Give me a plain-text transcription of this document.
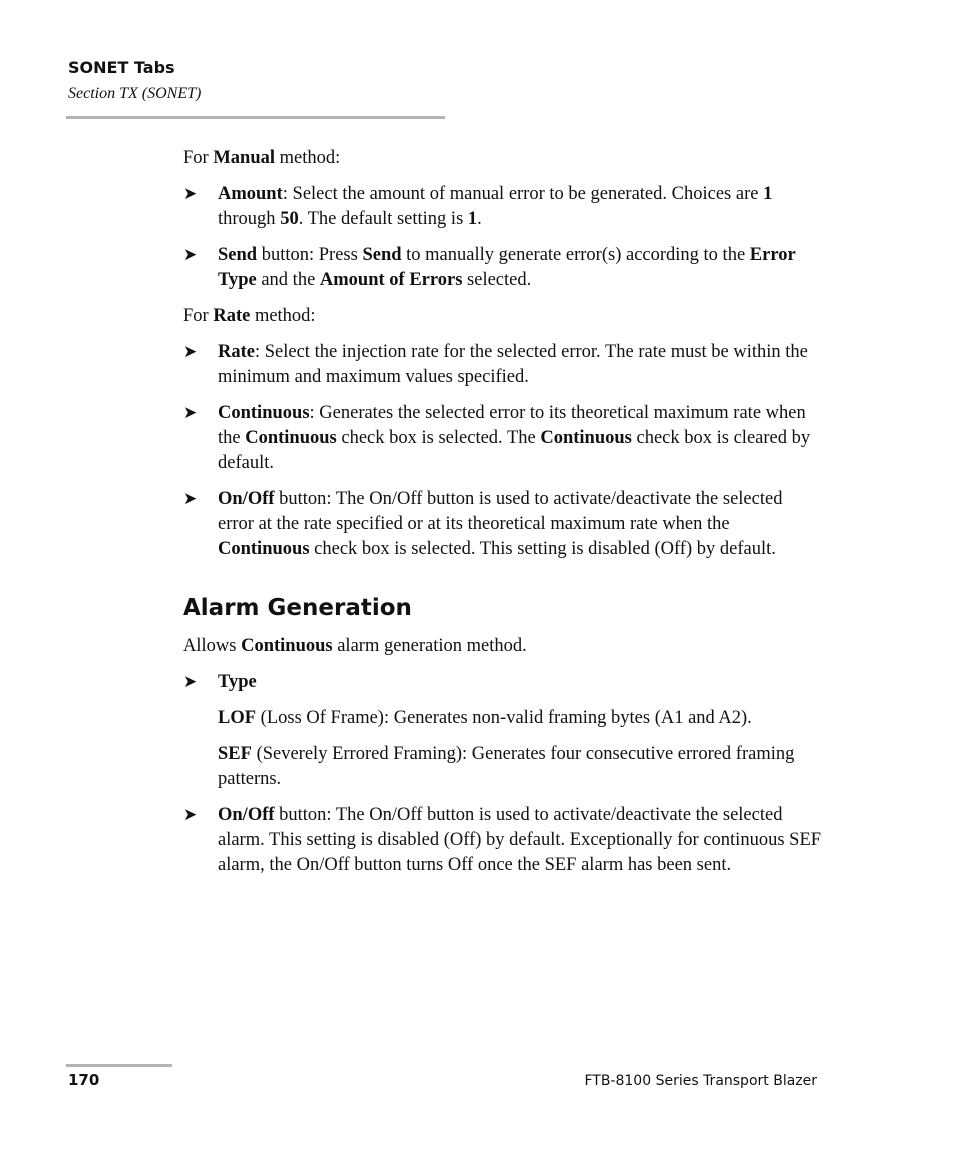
SONET Tabs
Section TX (SONET)

For Manual method:

➤ Amount: Select the amount of manual error to be generated. Choices are 1 through 50. The default setting is 1.
➤ Send button: Press Send to manually generate error(s) according to the Error Type and the Amount of Errors selected.

For Rate method:

➤ Rate: Select the injection rate for the selected error. The rate must be within the minimum and maximum values specified.
➤ Continuous: Generates the selected error to its theoretical maximum rate when the Continuous check box is selected. The Continuous check box is cleared by default.
➤ On/Off button: The On/Off button is used to activate/deactivate the selected error at the rate specified or at its theoretical maximum rate when the Continuous check box is selected. This setting is disabled (Off) by default.
Alarm Generation

Allows Continuous alarm generation method.

➤ Type

LOF (Loss Of Frame): Generates non-valid framing bytes (A1 and A2).

SEF (Severely Errored Framing): Generates four consecutive errored framing patterns.

➤ On/Off button: The On/Off button is used to activate/deactivate the selected alarm. This setting is disabled (Off) by default. Exceptionally for continuous SEF alarm, the On/Off button turns Off once the SEF alarm has been sent.
170	FTB-8100 Series Transport Blazer
